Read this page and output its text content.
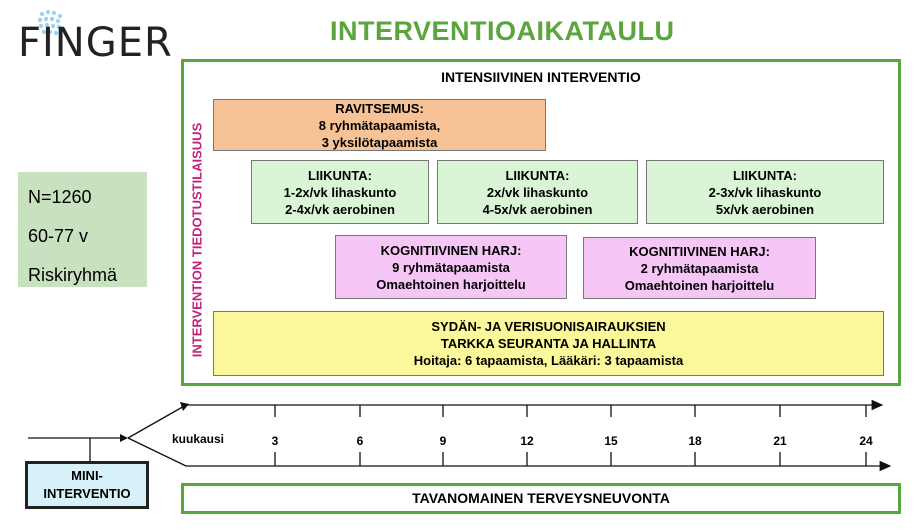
FINGER	INTERVENTIOAIKATAULU
N=1260
60-77 v
Riskiryhmä
INTENSIIVINEN INTERVENTIO
INTERVENTION TIEDOTUSTILAISUUS
RAVITSEMUS:
8 ryhmätapaamista,
3 yksilötapaamista
LIIKUNTA:
1-2x/vk lihaskunto
2-4x/vk aerobinen
LIIKUNTA:
2x/vk lihaskunto
4-5x/vk aerobinen
LIIKUNTA:
2-3x/vk lihaskunto
5x/vk aerobinen
KOGNITIIVINEN HARJ:
9 ryhmätapaamista
Omaehtoinen harjoittelu
KOGNITIIVINEN HARJ:
2 ryhmätapaamista
Omaehtoinen harjoittelu
SYDÄN- JA VERISUONISAIRAUKSIEN
TARKKA SEURANTA JA HALLINTA
Hoitaja: 6 tapaamista, Lääkäri: 3 tapaamista
kuukausi	3	6	9	12	15	18	21	24
MINI-
INTERVENTIO	TAVANOMAINEN TERVEYSNEUVONTA
